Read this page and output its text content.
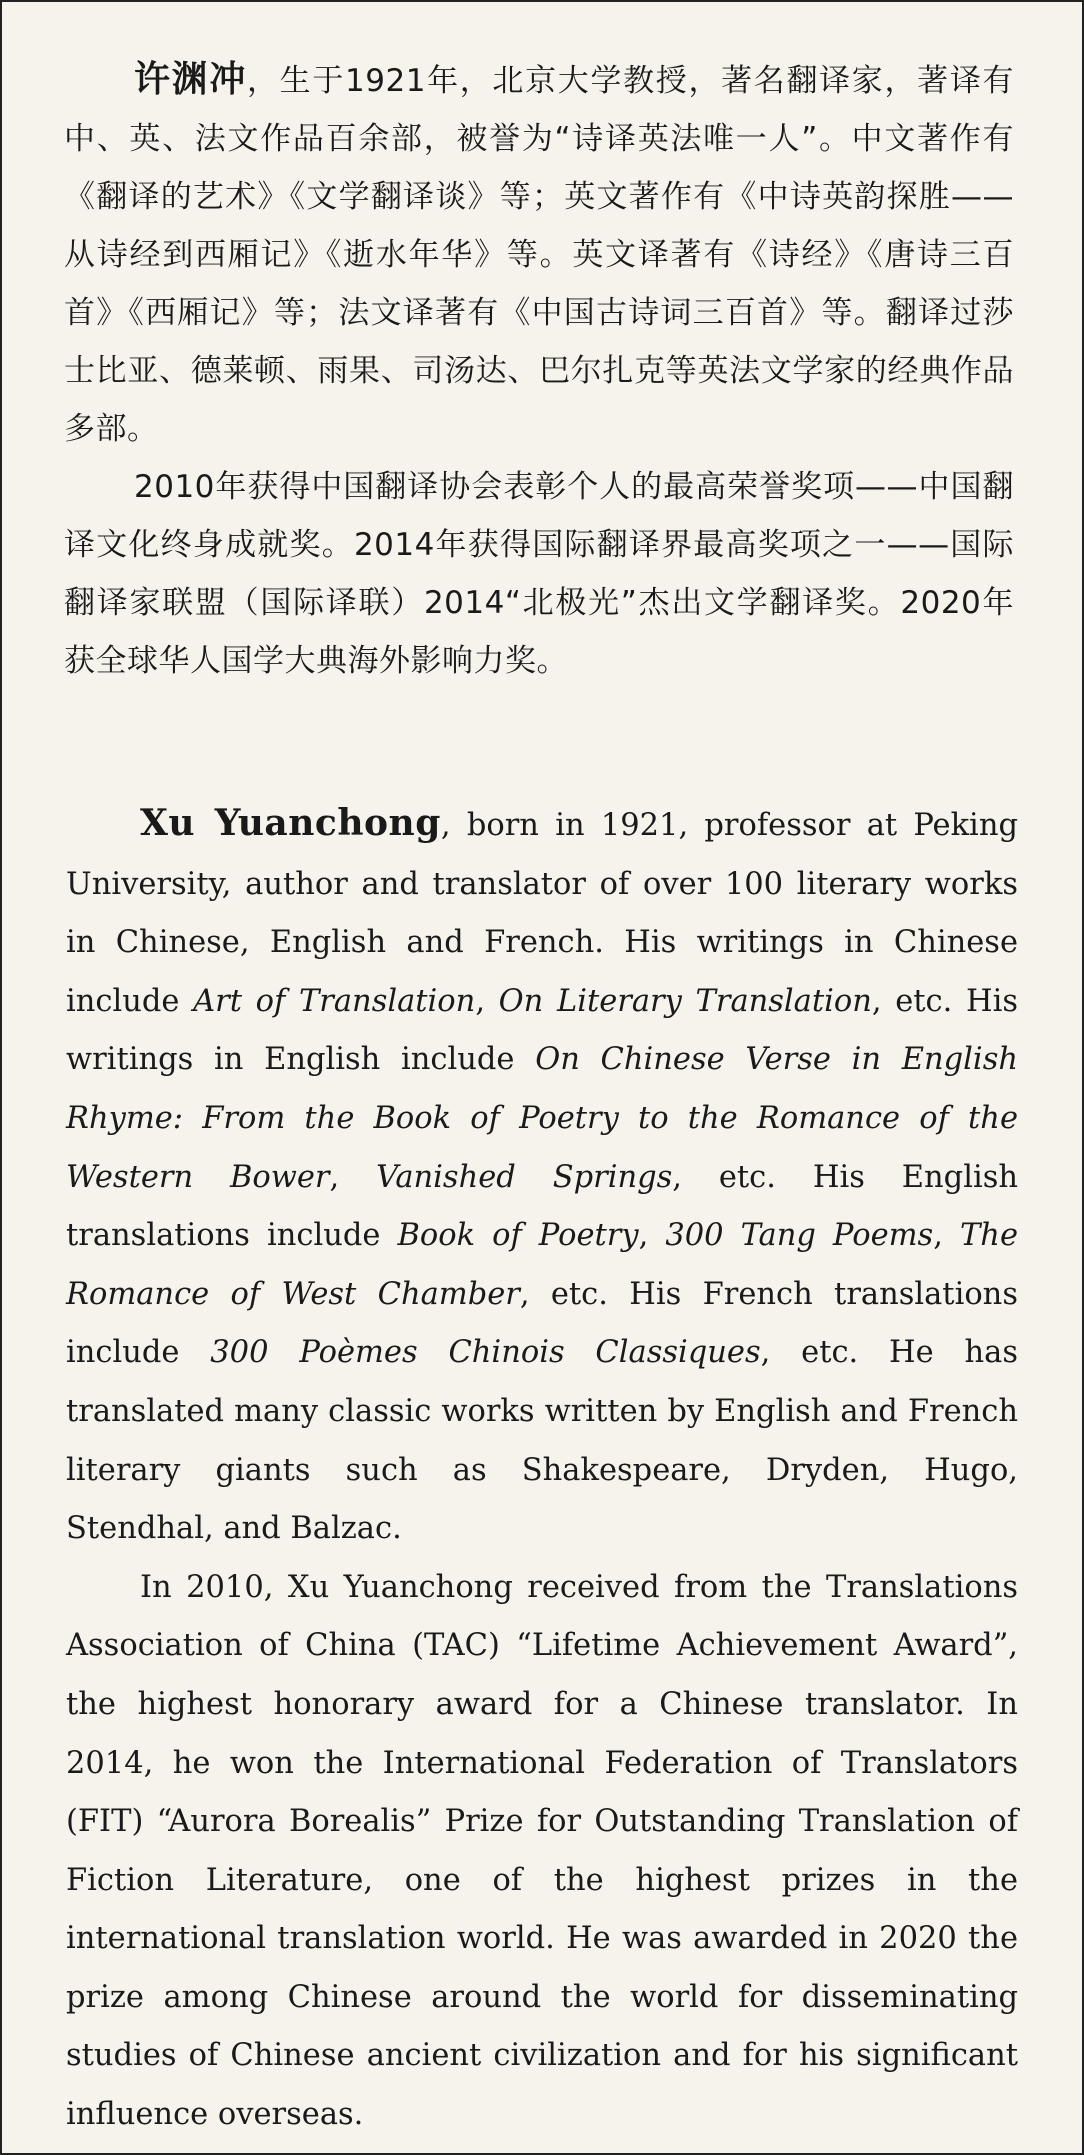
许渊冲，生于1921年，北京大学教授，著名翻译家，著译有中、英、法文作品百余部，被誉为“诗译英法唯一人”。中文著作有《翻译的艺术》《文学翻译谈》等；英文著作有《中诗英韵探胜——从诗经到西厢记》《逝水年华》等。英文译著有《诗经》《唐诗三百首》《西厢记》等；法文译著有《中国古诗词三百首》等。翻译过莎士比亚、德莱顿、雨果、司汤达、巴尔扎克等英法文学家的经典作品多部。

2010年获得中国翻译协会表彰个人的最高荣誉奖项——中国翻译文化终身成就奖。2014年获得国际翻译界最高奖项之一——国际翻译家联盟（国际译联）2014“北极光”杰出文学翻译奖。2020年获全球华人国学大典海外影响力奖。

Xu Yuanchong, born in 1921, professor at Peking University, author and translator of over 100 literary works in Chinese, English and French. His writings in Chinese include Art of Translation, On Literary Translation, etc. His writings in English include On Chinese Verse in English Rhyme: From the Book of Poetry to the Romance of the Western Bower, Vanished Springs, etc. His English translations include Book of Poetry, 300 Tang Poems, The Romance of West Chamber, etc. His French translations include 300 Poèmes Chinois Classiques, etc. He has translated many classic works written by English and French literary giants such as Shakespeare, Dryden, Hugo, Stendhal, and Balzac.

In 2010, Xu Yuanchong received from the Translations Association of China (TAC) “Lifetime Achievement Award”, the highest honorary award for a Chinese translator. In 2014, he won the International Federation of Translators (FIT) “Aurora Borealis” Prize for Outstanding Translation of Fiction Literature, one of the highest prizes in the international translation world. He was awarded in 2020 the prize among Chinese around the world for disseminating studies of Chinese ancient civilization and for his significant influence overseas.
